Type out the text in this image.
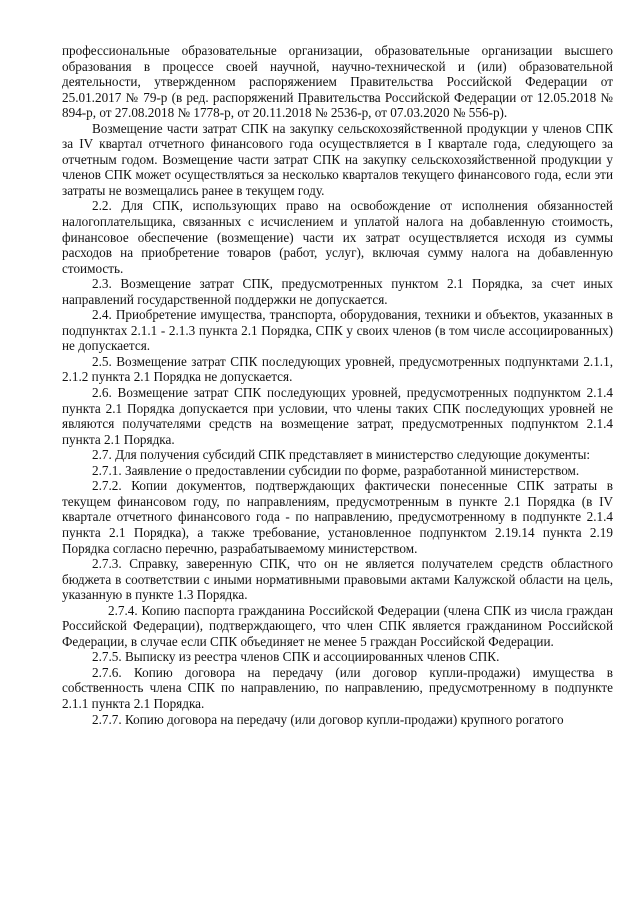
профессиональные образовательные организации, образовательные организации высшего образования в процессе своей научной, научно-технической и (или) образовательной деятельности, утвержденном распоряжением Правительства Российской Федерации от 25.01.2017 № 79-р (в ред. распоряжений Правительства Российской Федерации от 12.05.2018 № 894-р, от 27.08.2018 № 1778-р, от 20.11.2018 № 2536-р, от 07.03.2020 № 556-р).

Возмещение части затрат СПК на закупку сельскохозяйственной продукции у членов СПК за IV квартал отчетного финансового года осуществляется в I квартале года, следующего за отчетным годом. Возмещение части затрат СПК на закупку сельскохозяйственной продукции у членов СПК может осуществляться за несколько кварталов текущего финансового года, если эти затраты не возмещались ранее в текущем году.

2.2. Для СПК, использующих право на освобождение от исполнения обязанностей налогоплательщика, связанных с исчислением и уплатой налога на добавленную стоимость, финансовое обеспечение (возмещение) части их затрат осуществляется исходя из суммы расходов на приобретение товаров (работ, услуг), включая сумму налога на добавленную стоимость.

2.3. Возмещение затрат СПК, предусмотренных пунктом 2.1 Порядка, за счет иных направлений государственной поддержки не допускается.

2.4. Приобретение имущества, транспорта, оборудования, техники и объектов, указанных в подпунктах 2.1.1 - 2.1.3 пункта 2.1 Порядка, СПК у своих членов (в том числе ассоциированных) не допускается.

2.5. Возмещение затрат СПК последующих уровней, предусмотренных подпунктами 2.1.1, 2.1.2 пункта 2.1 Порядка не допускается.

2.6. Возмещение затрат СПК последующих уровней, предусмотренных подпунктом 2.1.4 пункта 2.1 Порядка допускается при условии, что члены таких СПК последующих уровней не являются получателями средств на возмещение затрат, предусмотренных подпунктом 2.1.4 пункта 2.1 Порядка.

2.7. Для получения субсидий СПК представляет в министерство следующие документы:

2.7.1. Заявление о предоставлении субсидии по форме, разработанной министерством.

2.7.2. Копии документов, подтверждающих фактически понесенные СПК затраты в текущем финансовом году, по направлениям, предусмотренным в пункте 2.1 Порядка (в IV квартале отчетного финансового года - по направлению, предусмотренному в подпункте 2.1.4 пункта 2.1 Порядка), а также требование, установленное подпунктом 2.19.14 пункта 2.19 Порядка согласно перечню, разрабатываемому министерством.

2.7.3. Справку, заверенную СПК, что он не является получателем средств областного бюджета в соответствии с иными нормативными правовыми актами Калужской области на цель, указанную в пункте 1.3 Порядка.

2.7.4. Копию паспорта гражданина Российской Федерации (члена СПК из числа граждан Российской Федерации), подтверждающего, что член СПК является гражданином Российской Федерации, в случае если СПК объединяет не менее 5 граждан Российской Федерации.

2.7.5. Выписку из реестра членов СПК и ассоциированных членов СПК.

2.7.6. Копию договора на передачу (или договор купли-продажи) имущества в собственность члена СПК по направлению, по направлению, предусмотренному в подпункте 2.1.1 пункта 2.1 Порядка.

2.7.7. Копию договора на передачу (или договор купли-продажи) крупного рогатого
